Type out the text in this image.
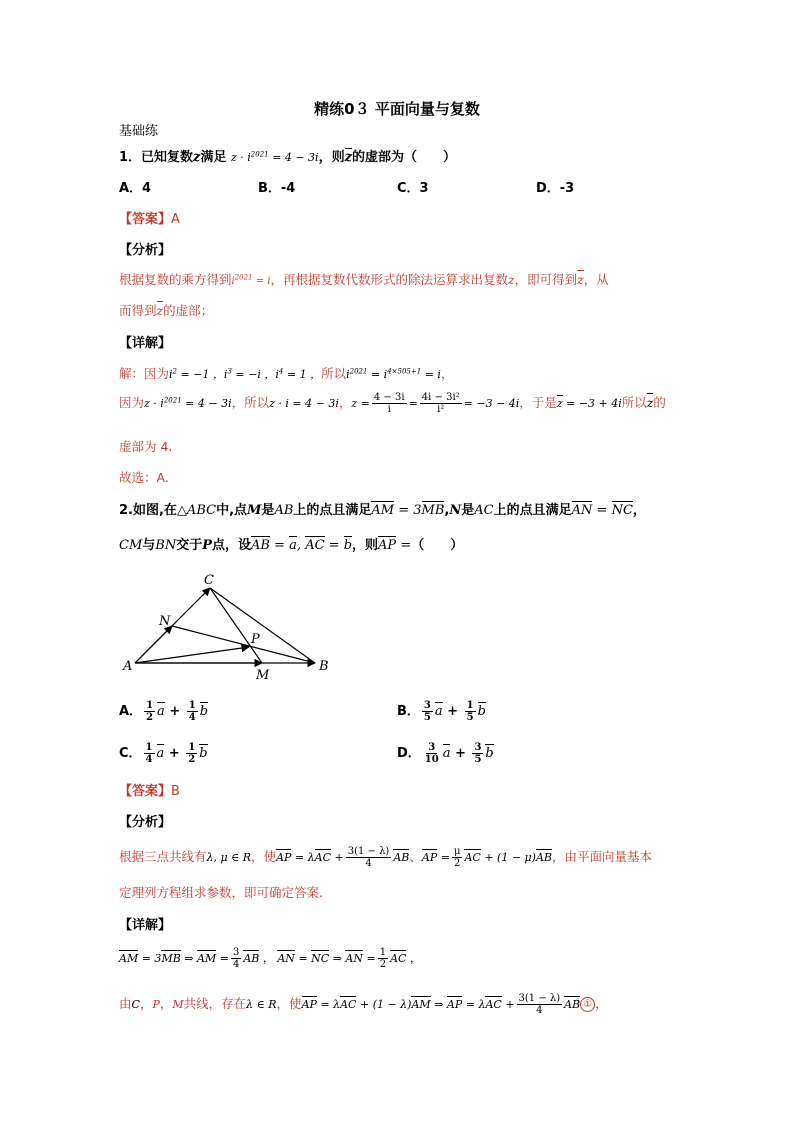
精练0３ 平面向量与复数
基础练
1．已知复数z满足 $z \cdot i^{2021} = 4 - 3i$，则z的虚部为（　　）
A．4	B．-4	C．3	D．-3
【答案】A
【分析】
根据复数的乘方得到$i^{2021} = i$，再根据复数代数形式的除法运算求出复数z，即可得到z，从
而得到z的虚部；
【详解】
解：因为$i^2 = -1$ ，$i^3 = -i$ ，$i^4 = 1$ ，所以$i^{2021} = i^{4\times 505+1} = i$，
因为$z \cdot i^{2021} = 4 - 3i$，所以z · i = 4 − 3i，$z = \frac{4 - 3i}{i} = \frac{\text{4i − 3i²}}{\text{i²}} = -3 - 4i$，于是z = −3 + 4i所以z的
虚部为 4.
故选：A.
2.如图,在△ABC中,点M是AB上的点且满足AM = 3MB,N是AC上的点且满足AN = NC，
CM与BN交于P点，设AB = a, AC = b，则AP =（　　）
C
N
P
A
M
B
A． $\frac{1}{2}$ $a + \frac{1}{4}$ b	B． $\frac{3}{5}$ $a + \frac{1}{5}$ b
C． $\frac{1}{4}$ $a + \frac{1}{2}$ b	D． $\frac{3}{10}$ $a + \frac{3}{5}$ b
【答案】B
【分析】
根据三点共线有λ, μ ∈ R，使AP = $\lambda AC + \frac{3(1 - \lambda)}{4}$ AB、AP = $\frac{\mu}{2}$ AC + (1 − μ)AB，由平面向量基本
定理列方程组求参数，即可确定答案.
【详解】
AM = 3MB ⇒ AM = $\frac{3}{4}$ AB ， AN = NC ⇒ AN = $\frac{1}{2}$ AC ，
由C，P，M共线，存在λ ∈ R，使AP = λAC + (1 − λ)AM ⇒ AP = $\lambda AC + \frac{3(1 - \lambda)}{4}$ AB ① ，
